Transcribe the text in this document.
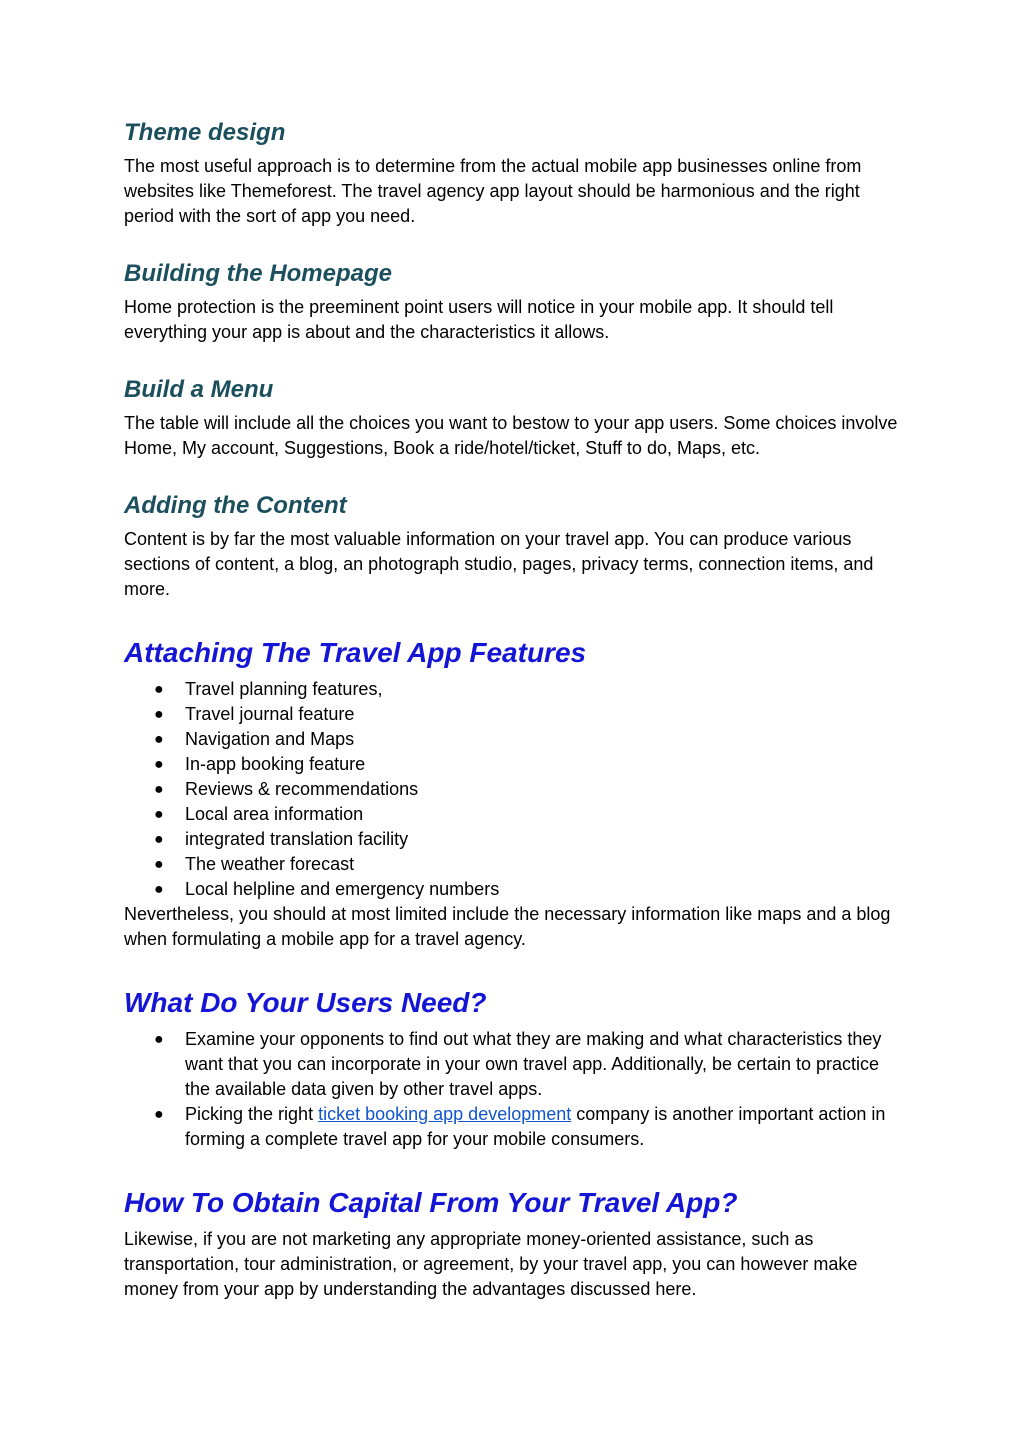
Theme design

The most useful approach is to determine from the actual mobile app businesses online from websites like Themeforest. The travel agency app layout should be harmonious and the right period with the sort of app you need.

Building the Homepage

Home protection is the preeminent point users will notice in your mobile app. It should tell everything your app is about and the characteristics it allows.

Build a Menu

The table will include all the choices you want to bestow to your app users. Some choices involve Home, My account, Suggestions, Book a ride/hotel/ticket, Stuff to do, Maps, etc.

Adding the Content

Content is by far the most valuable information on your travel app. You can produce various sections of content, a blog, an photograph studio, pages, privacy terms, connection items, and more.

Attaching The Travel App Features
● Travel planning features,
● Travel journal feature
● Navigation and Maps
● In-app booking feature
● Reviews & recommendations
● Local area information
● integrated translation facility
● The weather forecast
● Local helpline and emergency numbers

Nevertheless, you should at most limited include the necessary information like maps and a blog when formulating a mobile app for a travel agency.

What Do Your Users Need?
● Examine your opponents to find out what they are making and what characteristics they want that you can incorporate in your own travel app. Additionally, be certain to practice the available data given by other travel apps.
● Picking the right ticket booking app development company is another important action in forming a complete travel app for your mobile consumers.
How To Obtain Capital From Your Travel App?

Likewise, if you are not marketing any appropriate money-oriented assistance, such as transportation, tour administration, or agreement, by your travel app, you can however make money from your app by understanding the advantages discussed here.
